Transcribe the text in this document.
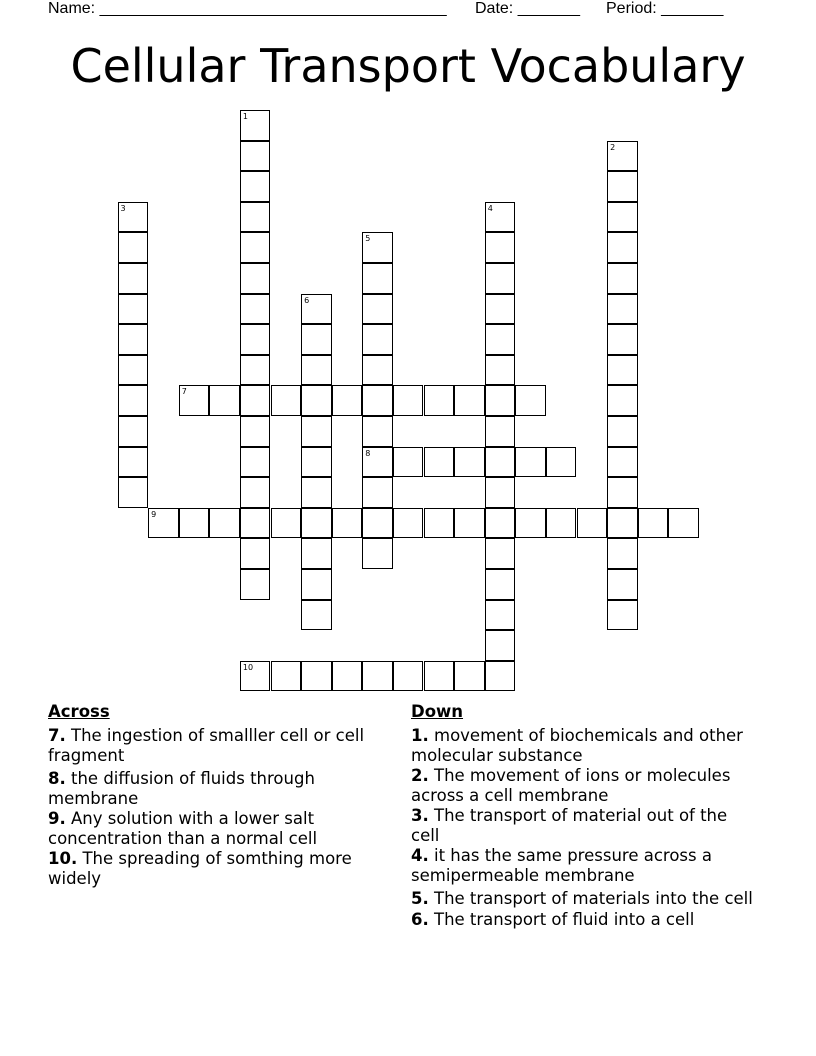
Name: _______________________________________ Date: _______ Period: _______
Cellular Transport Vocabulary
1
2
3	4
5
8
6
7
9
10
Across
7. The ingestion of smalller cell or cell fragment
8. the diffusion of fluids through membrane
9. Any solution with a lower salt concentration than a normal cell
10. The spreading of somthing more widely
Down
1. movement of biochemicals and other molecular substance
2. The movement of ions or molecules across a cell membrane
3. The transport of material out of the cell
4. it has the same pressure across a semipermeable membrane
5. The transport of materials into the cell
6. The transport of fluid into a cell
